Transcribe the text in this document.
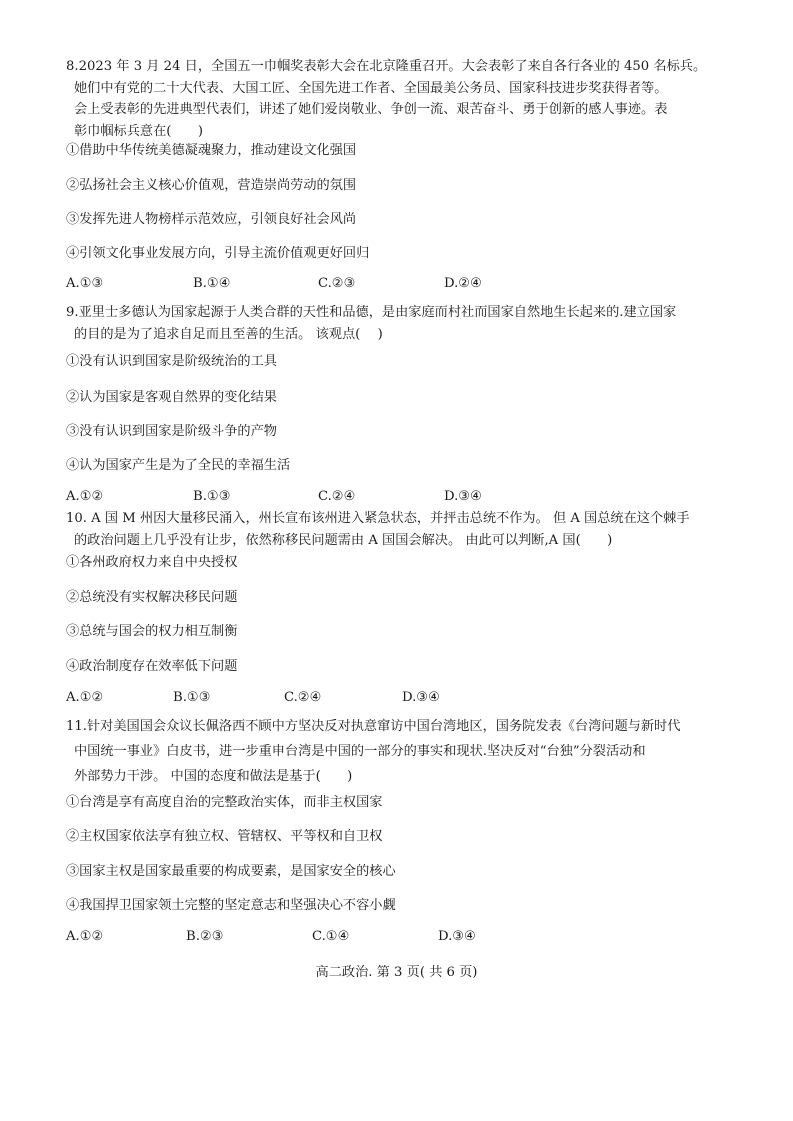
8.2023 年 3 月 24 日，全国五一巾帼奖表彰大会在北京隆重召开。大会表彰了来自各行各业的 450 名标兵。
她们中有党的二十大代表、大国工匠、全国先进工作者、全国最美公务员、国家科技进步奖获得者等。
会上受表彰的先进典型代表们，讲述了她们爱岗敬业、争创一流、艰苦奋斗、勇于创新的感人事迹。表
彰巾帼标兵意在(　　)
①借助中华传统美德凝魂聚力，推动建设文化强国
②弘扬社会主义核心价值观，营造崇尚劳动的氛围
③发挥先进人物榜样示范效应，引领良好社会风尚
④引领文化事业发展方向，引导主流价值观更好回归
A.①③	B.①④	C.②③	D.②④
9.亚里士多德认为国家起源于人类合群的天性和品德，是由家庭而村社而国家自然地生长起来的.建立国家
的目的是为了追求自足而且至善的生活。 该观点(　 )
①没有认识到国家是阶级统治的工具
②认为国家是客观自然界的变化结果
③没有认识到国家是阶级斗争的产物
④认为国家产生是为了全民的幸福生活
A.①②	B.①③	C.②④	D.③④
10. A 国 M 州因大量移民涌入，州长宣布该州进入紧急状态，并抨击总统不作为。 但 A 国总统在这个棘手
的政治问题上几乎没有让步，依然称移民问题需由 A 国国会解决。 由此可以判断,A 国(　　)
①各州政府权力来自中央授权
②总统没有实权解决移民问题
③总统与国会的权力相互制衡
④政治制度存在效率低下问题
A.①②	B.①③	C.②④	D.③④
11.针对美国国会众议长佩洛西不顾中方坚决反对执意窜访中国台湾地区，国务院发表《台湾问题与新时代
中国统一事业》白皮书，进一步重申台湾是中国的一部分的事实和现状.坚决反对“台独”分裂活动和
外部势力干涉。 中国的态度和做法是基于(　　)
①台湾是享有高度自治的完整政治实体，而非主权国家
②主权国家依法享有独立权、管辖权、平等权和自卫权
③国家主权是国家最重要的构成要素，是国家安全的核心
④我国捍卫国家领土完整的坚定意志和坚强决心不容小觑
A.①②	B.②③	C.①④	D.③④
高二政治. 第 3 页( 共 6 页)
